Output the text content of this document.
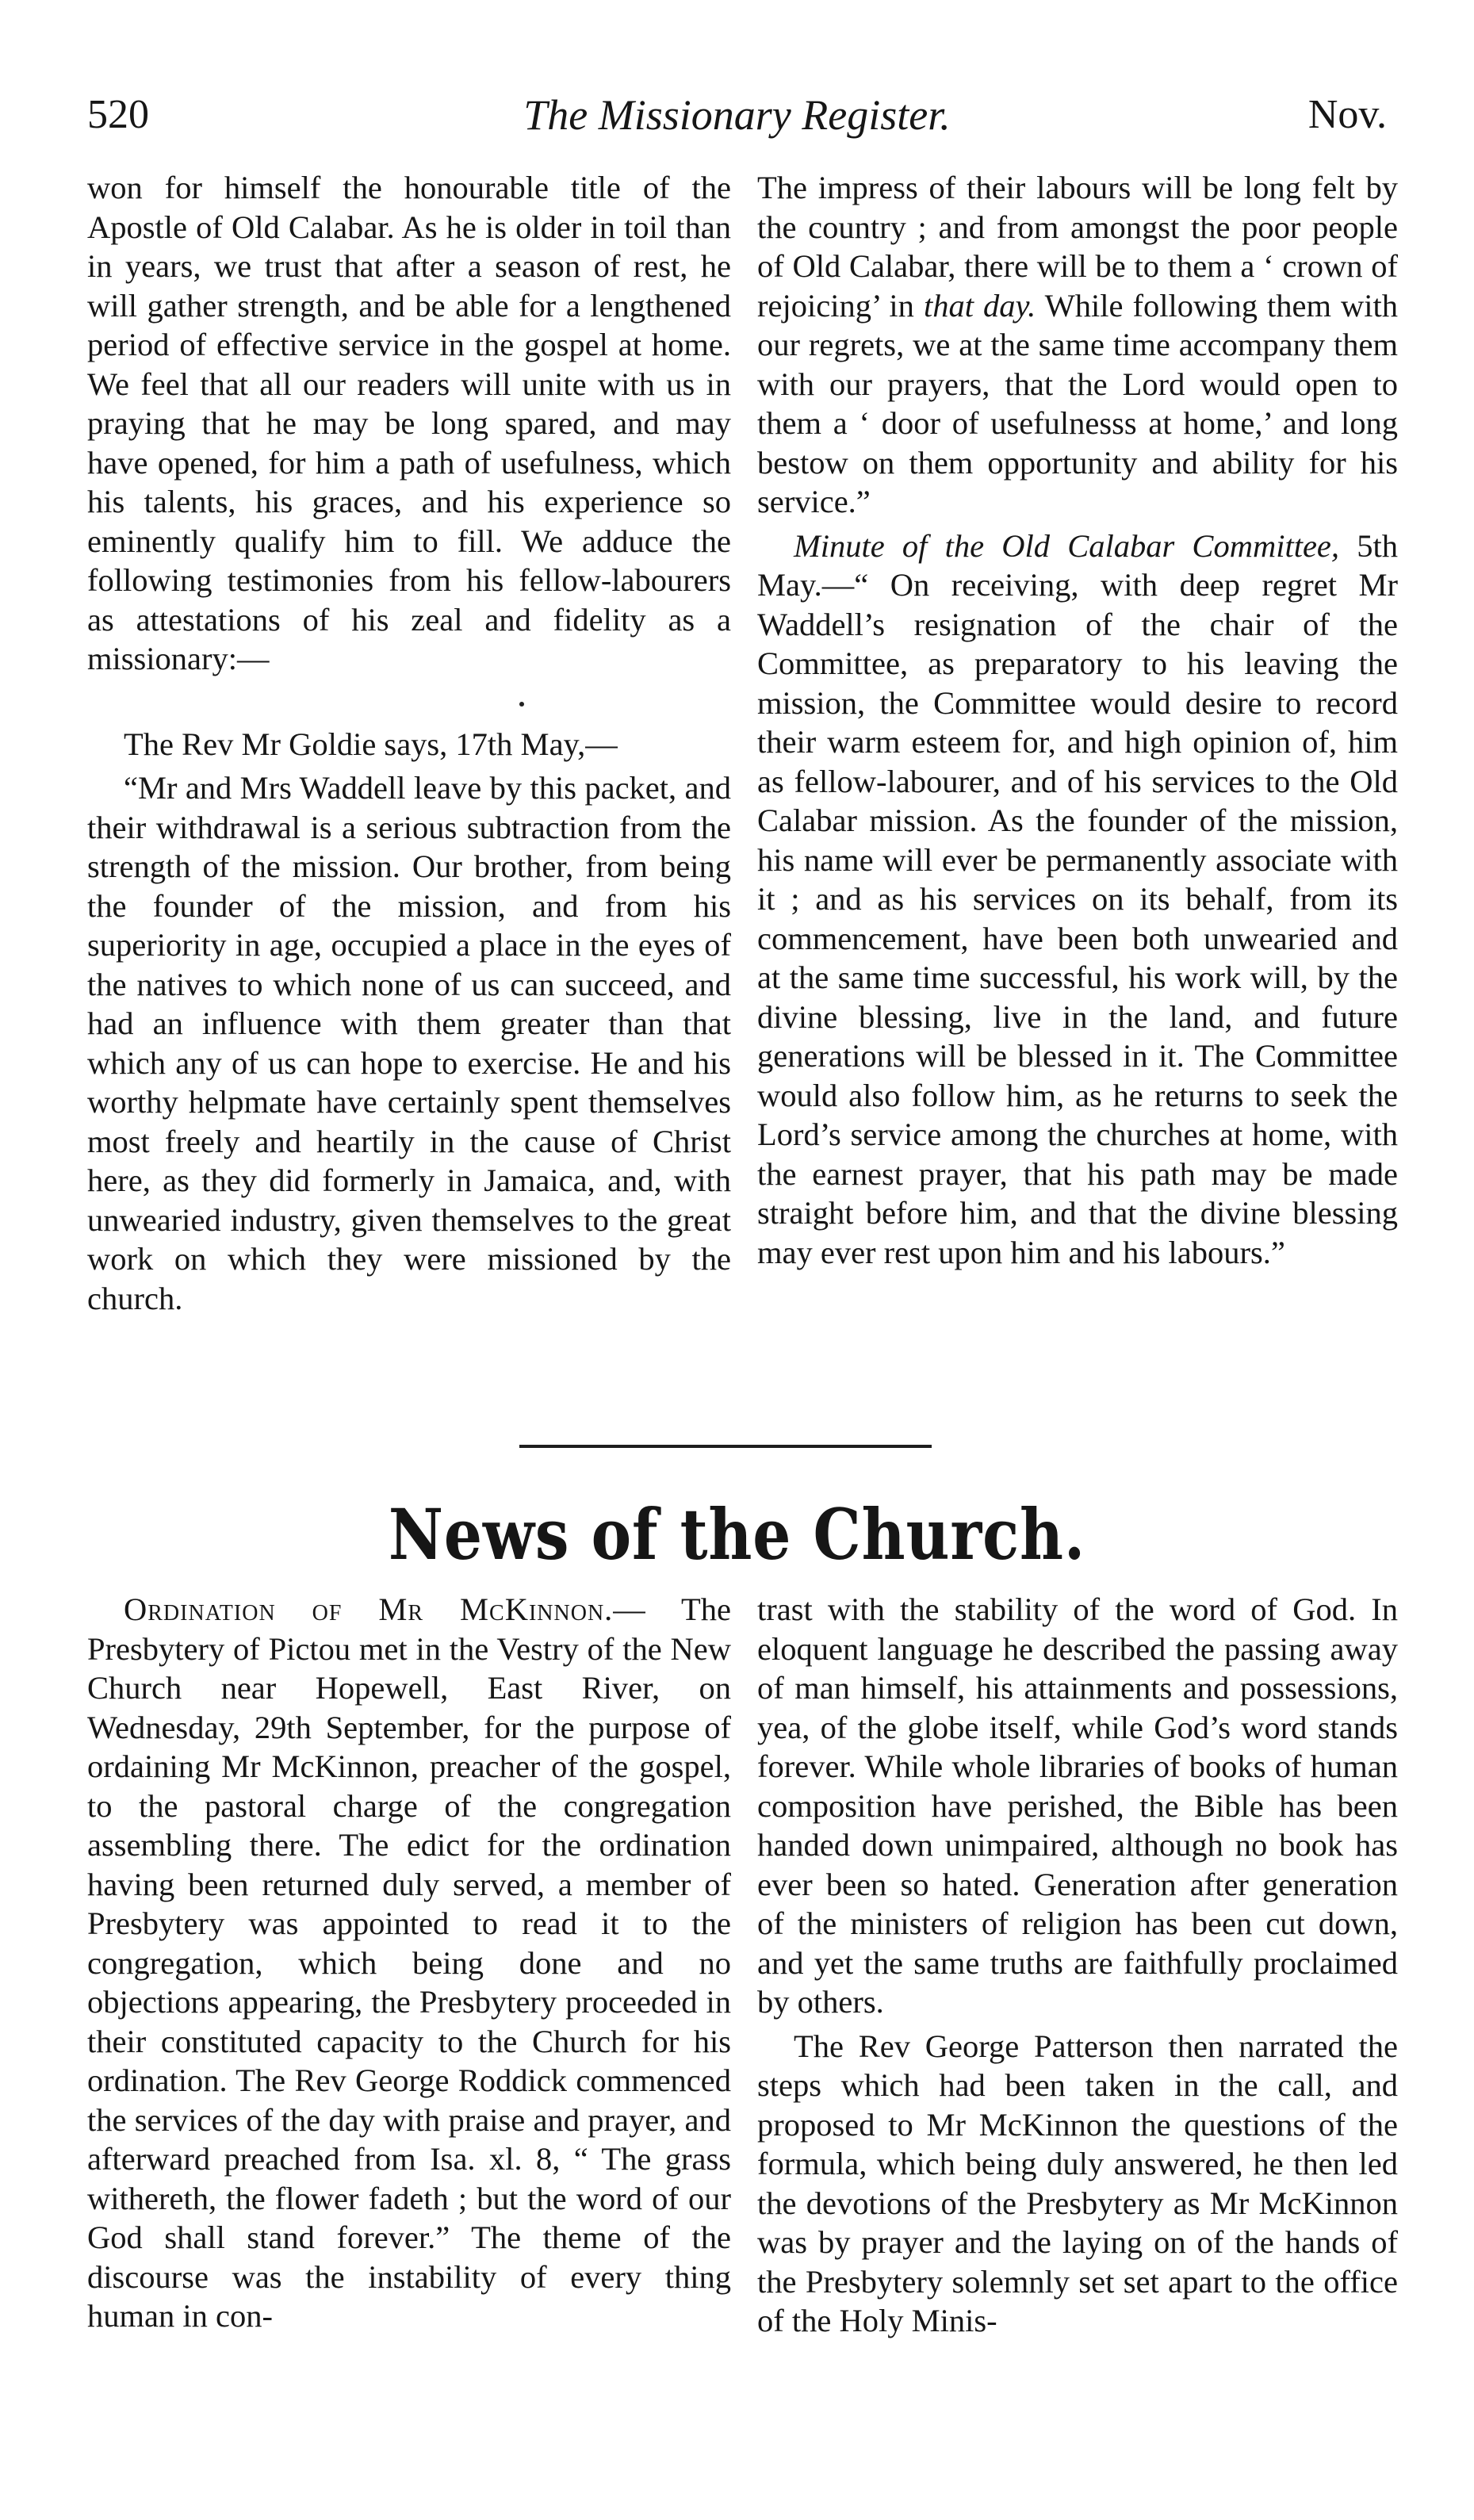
520	The Missionary Register.	Nov.

won for himself the honourable title of the Apostle of Old Calabar. As he is older in toil than in years, we trust that after a season of rest, he will gather strength, and be able for a lengthened period of effective service in the gospel at home. We feel that all our readers will unite with us in praying that he may be long spared, and may have opened, for him a path of usefulness, which his talents, his graces, and his experience so eminently qualify him to fill. We adduce the following testimonies from his fellow-labourers as attestations of his zeal and fidelity as a missionary:—

The Rev Mr Goldie says, 17th May,—

“Mr and Mrs Waddell leave by this packet, and their withdrawal is a serious subtraction from the strength of the mission. Our brother, from being the founder of the mission, and from his superiority in age, occupied a place in the eyes of the natives to which none of us can succeed, and had an influence with them greater than that which any of us can hope to exercise. He and his worthy helpmate have certainly spent themselves most freely and heartily in the cause of Christ here, as they did formerly in Jamaica, and, with unwearied industry, given themselves to the great work on which they were missioned by the church.

The impress of their labours will be long felt by the country ; and from amongst the poor people of Old Calabar, there will be to them a ‘ crown of rejoicing’ in that day. While following them with our regrets, we at the same time accompany them with our prayers, that the Lord would open to them a ‘ door of usefulnesss at home,’ and long bestow on them opportunity and ability for his service.”

Minute of the Old Calabar Committee, 5th May.—“ On receiving, with deep regret Mr Waddell’s resignation of the chair of the Committee, as preparatory to his leaving the mission, the Committee would desire to record their warm esteem for, and high opinion of, him as fellow-labourer, and of his services to the Old Calabar mission. As the founder of the mission, his name will ever be permanently associate with it ; and as his services on its behalf, from its commencement, have been both unwearied and at the same time successful, his work will, by the divine blessing, live in the land, and future generations will be blessed in it. The Committee would also follow him, as he returns to seek the Lord’s service among the churches at home, with the earnest prayer, that his path may be made straight before him, and that the divine blessing may ever rest upon him and his labours.”

News of the Church.

Ordination of Mr McKinnon.— The Presbytery of Pictou met in the Vestry of the New Church near Hopewell, East River, on Wednesday, 29th September, for the purpose of ordaining Mr McKinnon, preacher of the gospel, to the pastoral charge of the congregation assembling there. The edict for the ordination having been returned duly served, a member of Presbytery was appointed to read it to the congregation, which being done and no objections appearing, the Presbytery proceeded in their constituted capacity to the Church for his ordination. The Rev George Roddick commenced the services of the day with praise and prayer, and afterward preached from Isa. xl. 8, “ The grass withereth, the flower fadeth ; but the word of our God shall stand forever.” The theme of the discourse was the instability of every thing human in con-

trast with the stability of the word of God. In eloquent language he described the passing away of man himself, his attainments and possessions, yea, of the globe itself, while God’s word stands forever. While whole libraries of books of human composition have perished, the Bible has been handed down unimpaired, although no book has ever been so hated. Generation after generation of the ministers of religion has been cut down, and yet the same truths are faithfully proclaimed by others.

The Rev George Patterson then narrated the steps which had been taken in the call, and proposed to Mr McKinnon the questions of the formula, which being duly answered, he then led the devotions of the Presbytery as Mr McKinnon was by prayer and the laying on of the hands of the Presbytery solemnly set set apart to the office of the Holy Minis-
